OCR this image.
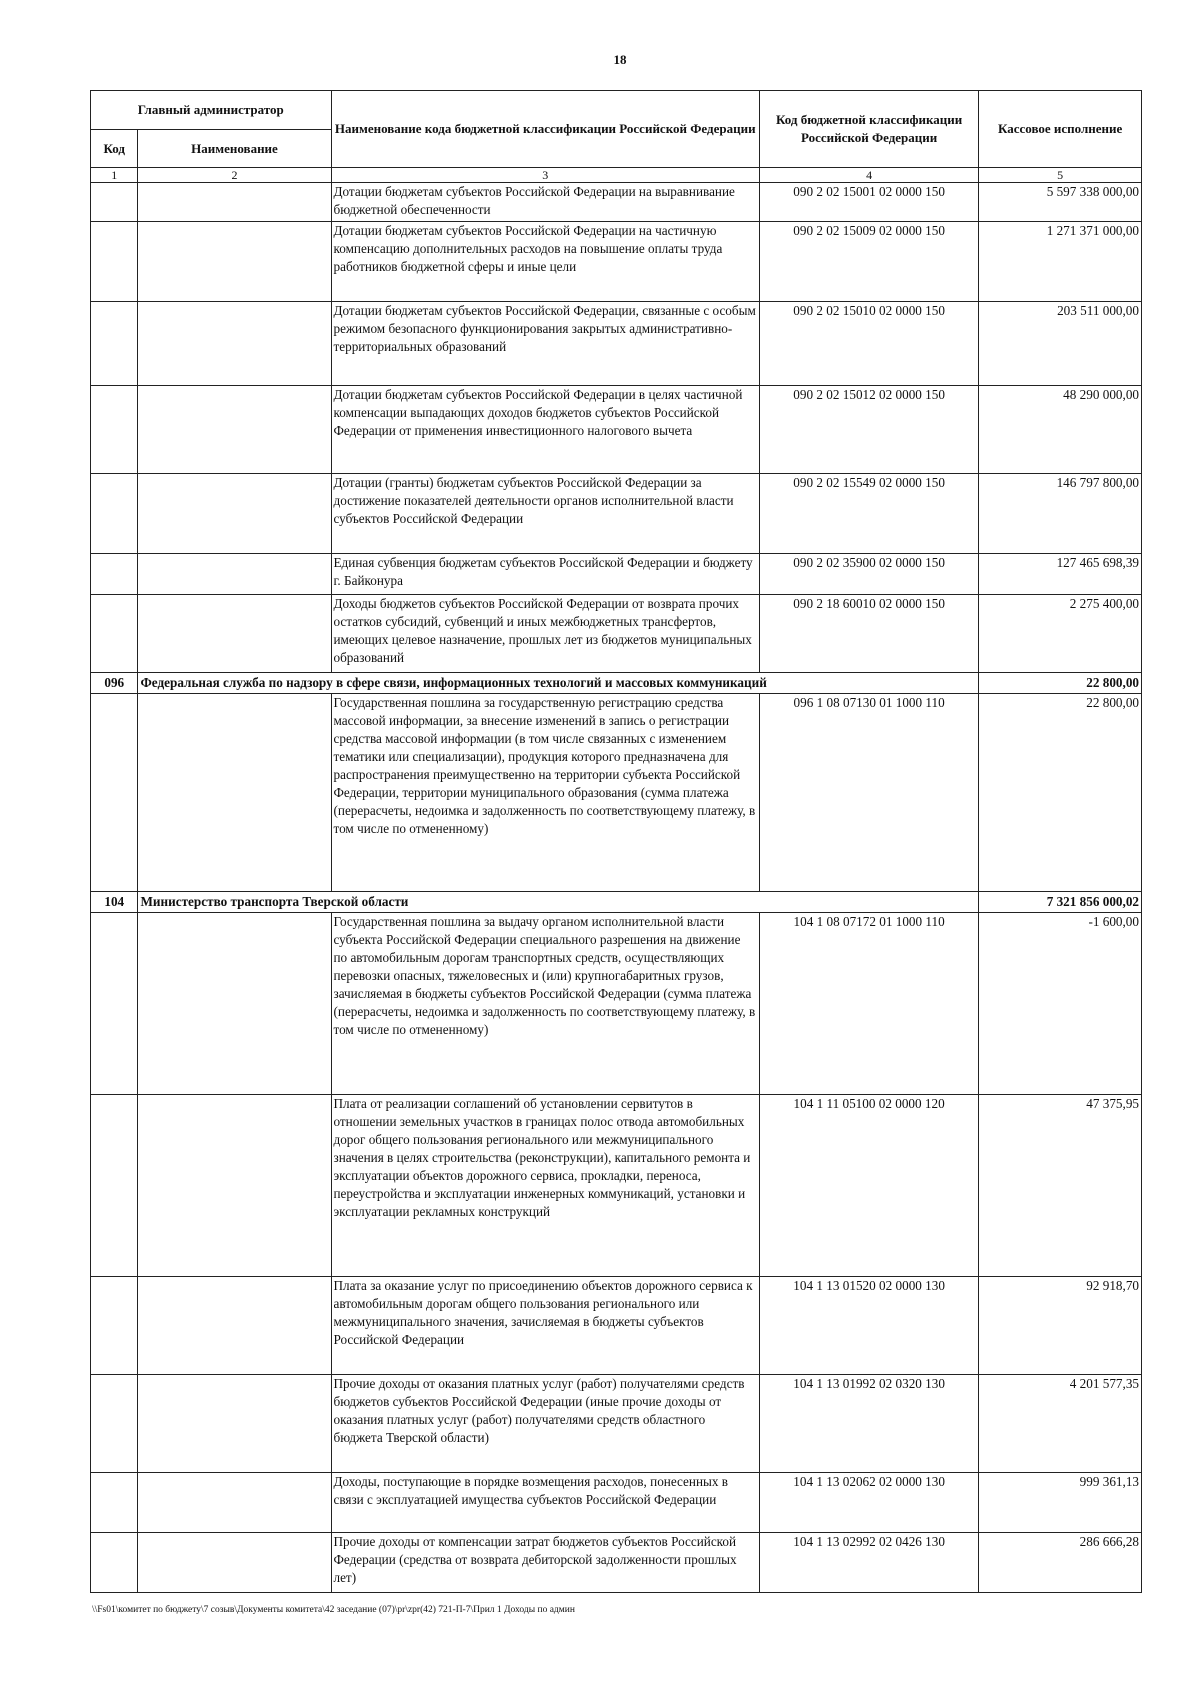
18
Главный администратор		Наименование кода бюджетной классификации Российской Федерации	Код бюджетной классификации Российской Федерации	Кассовое исполнение
Код	Наименование			
1	2	3	4	5
		Дотации бюджетам субъектов Российской Федерации на выравнивание бюджетной обеспеченности	090 2 02 15001 02 0000 150	5 597 338 000,00
		Дотации бюджетам субъектов Российской Федерации на частичную компенсацию дополнительных расходов на повышение оплаты труда работников бюджетной сферы и иные цели	090 2 02 15009 02 0000 150	1 271 371 000,00
		Дотации бюджетам субъектов Российской Федерации, связанные с особым режимом безопасного функционирования закрытых административно-территориальных образований	090 2 02 15010 02 0000 150	203 511 000,00
		Дотации бюджетам субъектов Российской Федерации в целях частичной компенсации выпадающих доходов бюджетов субъектов Российской Федерации от применения инвестиционного налогового вычета	090 2 02 15012 02 0000 150	48 290 000,00
		Дотации (гранты) бюджетам субъектов Российской Федерации за достижение показателей деятельности органов исполнительной власти субъектов Российской Федерации	090 2 02 15549 02 0000 150	146 797 800,00
		Единая субвенция бюджетам субъектов Российской Федерации и бюджету г. Байконура	090 2 02 35900 02 0000 150	127 465 698,39
		Доходы бюджетов субъектов Российской Федерации от возврата прочих остатков субсидий, субвенций и иных межбюджетных трансфертов, имеющих целевое назначение, прошлых лет из бюджетов муниципальных образований	090 2 18 60010 02 0000 150	2 275 400,00
096	Федеральная служба по надзору в сфере связи, информационных технологий и массовых коммуникаций			22 800,00
		Государственная пошлина за государственную регистрацию средства массовой информации, за внесение изменений в запись о регистрации средства массовой информации (в том числе связанных с изменением тематики или специализации), продукция которого предназначена для распространения преимущественно на территории субъекта Российской Федерации, территории муниципального образования (сумма платежа (перерасчеты, недоимка и задолженность по соответствующему платежу, в том числе по отмененному)	096 1 08 07130 01 1000 110	22 800,00
104	Министерство транспорта Тверской области			7 321 856 000,02
		Государственная пошлина за выдачу органом исполнительной власти субъекта Российской Федерации специального разрешения на движение по автомобильным дорогам транспортных средств, осуществляющих перевозки опасных, тяжеловесных и (или) крупногабаритных грузов, зачисляемая в бюджеты субъектов Российской Федерации (сумма платежа (перерасчеты, недоимка и задолженность по соответствующему платежу, в том числе по отмененному)	104 1 08 07172 01 1000 110	-1 600,00
		Плата от реализации соглашений об установлении сервитутов в отношении земельных участков в границах полос отвода автомобильных дорог общего пользования регионального или межмуниципального значения в целях строительства (реконструкции), капитального ремонта и эксплуатации объектов дорожного сервиса, прокладки, переноса, переустройства и эксплуатации инженерных коммуникаций, установки и эксплуатации рекламных конструкций	104 1 11 05100 02 0000 120	47 375,95
		Плата за оказание услуг по присоединению объектов дорожного сервиса к автомобильным дорогам общего пользования регионального или межмуниципального значения, зачисляемая в бюджеты субъектов Российской Федерации	104 1 13 01520 02 0000 130	92 918,70
		Прочие доходы от оказания платных услуг (работ) получателями средств бюджетов субъектов Российской Федерации (иные прочие доходы от оказания платных услуг (работ) получателями средств областного бюджета Тверской области)	104 1 13 01992 02 0320 130	4 201 577,35
		Доходы, поступающие в порядке возмещения расходов, понесенных в связи с эксплуатацией имущества субъектов Российской Федерации	104 1 13 02062 02 0000 130	999 361,13
		Прочие доходы от компенсации затрат бюджетов субъектов Российской Федерации (средства от возврата дебиторской задолженности прошлых лет)	104 1 13 02992 02 0426 130	286 666,28
\\Fs01\комитет по бюджету\7 созыв\Документы комитета\42 заседание (07)\pr\zpr(42) 721-П-7\Прил 1 Доходы по админ
